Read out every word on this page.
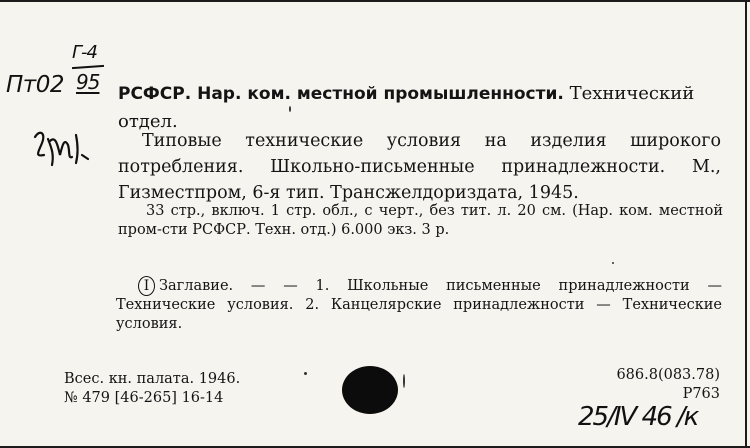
Г-4
Пт02 95 РСФСР. Нар. ком. местной промышленности. Технический отдел.

Типовые технические условия на изделия широкого потребления. Школьно-письменные принадлежности. М., Гизместпром, 6-я тип. Трансжелдориздата, 1945.

33 стр., включ. 1 стр. обл., с черт., без тит. л. 20 см. (Нар. ком. местной пром-сти РСФСР. Техн. отд.) 6.000 экз. 3 р.

I Заглавие. — — 1. Школьные письменные принадлежности — Технические условия. 2. Канцелярские принадлежности — Технические условия.

Всес. кн. палата. 1946.
№ 479 [46-265] 16-14

686.8(083.78)
Р763

25/IV 46 /к
